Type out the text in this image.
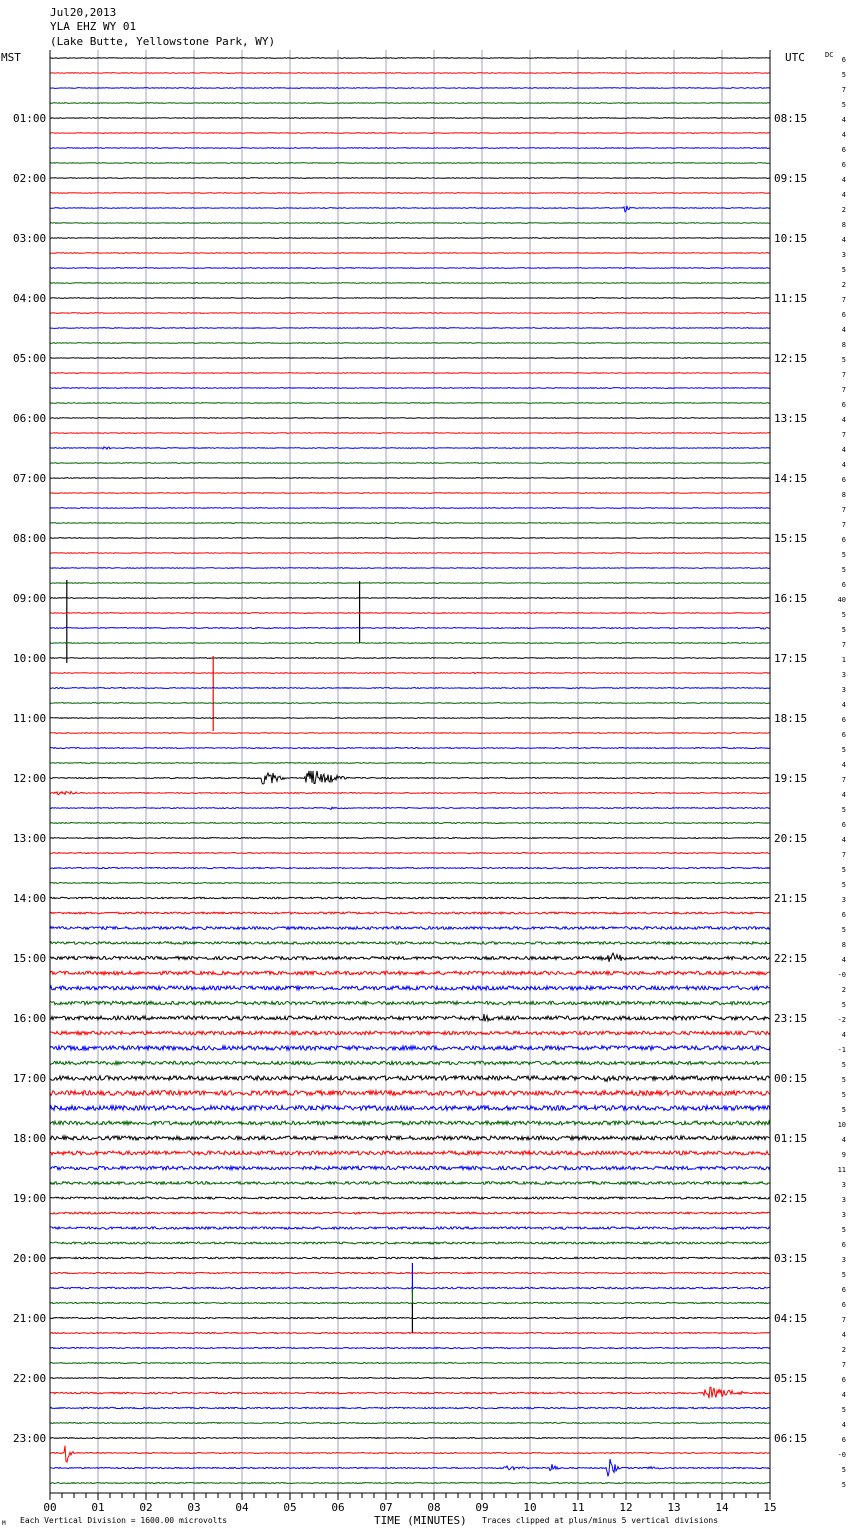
6
5
7
5
4
4
6
6
4
4
2
8
4
3
5
2
7
6
4
8
5
7
7
6
4
7
4
4
6
8
7
7
6
5
5
6
40
5
5
7
1
3
3
4
6
6
5
4
7
4
5
6
4
7
5
5
3
6
5
8
4
-0
2
5
-2
4
-1
5
5
5
5
10
4
9
11
3
3
3
5
6
3
5
6
6
7
4
2
7
6
4
5
4
6
-0
5
5
01:00	08:15
02:00	09:15
03:00	10:15
04:00	11:15
05:00	12:15
06:00	13:15
07:00	14:15
08:00	15:15
09:00	16:15
10:00	17:15
11:00	18:15
12:00	19:15
13:00	20:15
14:00	21:15
15:00	22:15
16:00	23:15
17:00	00:15
18:00	01:15
19:00	02:15
20:00	03:15
21:00	04:15
22:00	05:15
23:00	06:15
00	01	02	03	04	05	06	07	08	09	10	11	12	13	14	15
Jul20,2013
YLA EHZ WY 01
(Lake Butte, Yellowstone Park, WY)
MST	UTC	DC
M Each Vertical Division = 1600.00 microvolts	TIME (MINUTES) Traces clipped at plus/minus 5 vertical divisions
